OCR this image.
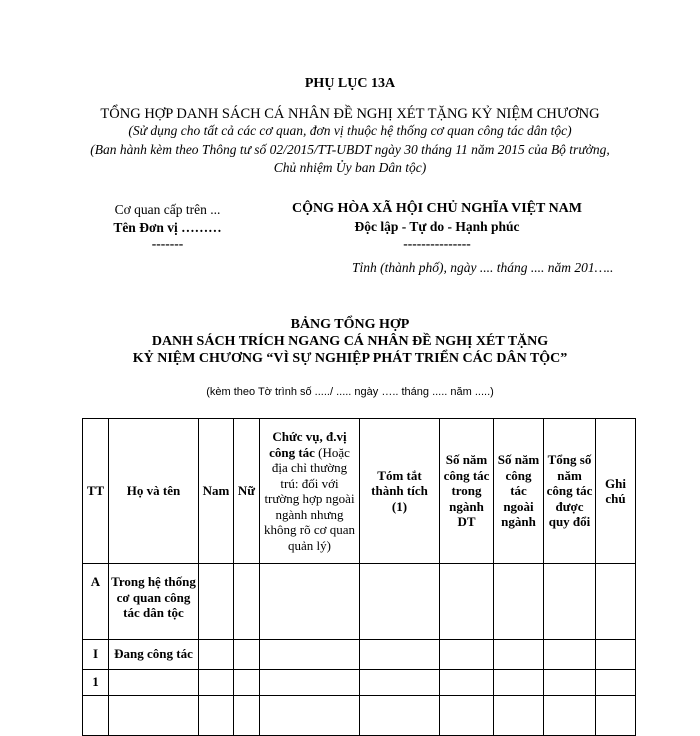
PHỤ LỤC 13A
TỔNG HỢP DANH SÁCH CÁ NHÂN ĐỀ NGHỊ XÉT TẶNG KỶ NIỆM CHƯƠNG
(Sử dụng cho tất cả các cơ quan, đơn vị thuộc hệ thống cơ quan công tác dân tộc)
(Ban hành kèm theo Thông tư số 02/2015/TT-UBDT ngày 30 tháng 11 năm 2015 của Bộ trưởng,
Chủ nhiệm Ủy ban Dân tộc)
Cơ quan cấp trên ...
Tên Đơn vị ………
-------
CỘNG HÒA XÃ HỘI CHỦ NGHĨA VIỆT NAM
Độc lập - Tự do - Hạnh phúc
---------------
Tỉnh (thành phố), ngày .... tháng .... năm 201…..
BẢNG TỔNG HỢP
DANH SÁCH TRÍCH NGANG CÁ NHÂN ĐỀ NGHỊ XÉT TẶNG
KỶ NIỆM CHƯƠNG “VÌ SỰ NGHIỆP PHÁT TRIỂN CÁC DÂN TỘC”
(kèm theo Tờ trình số ...../ ..... ngày ….. tháng ..... năm .....)
TT	Họ và tên	Nam	Nữ	Chức vụ, đ.vị công tác (Hoặc địa chỉ thường trú: đối với trường hợp ngoài ngành nhưng không rõ cơ quan quản lý)	Tóm tắt thành tích (1)	Số năm công tác trong ngành DT	Số năm công tác ngoài ngành	Tổng số năm công tác được quy đổi	Ghi chú
A	Trong hệ thống cơ quan công tác dân tộc								
I	Đang công tác								
1									
